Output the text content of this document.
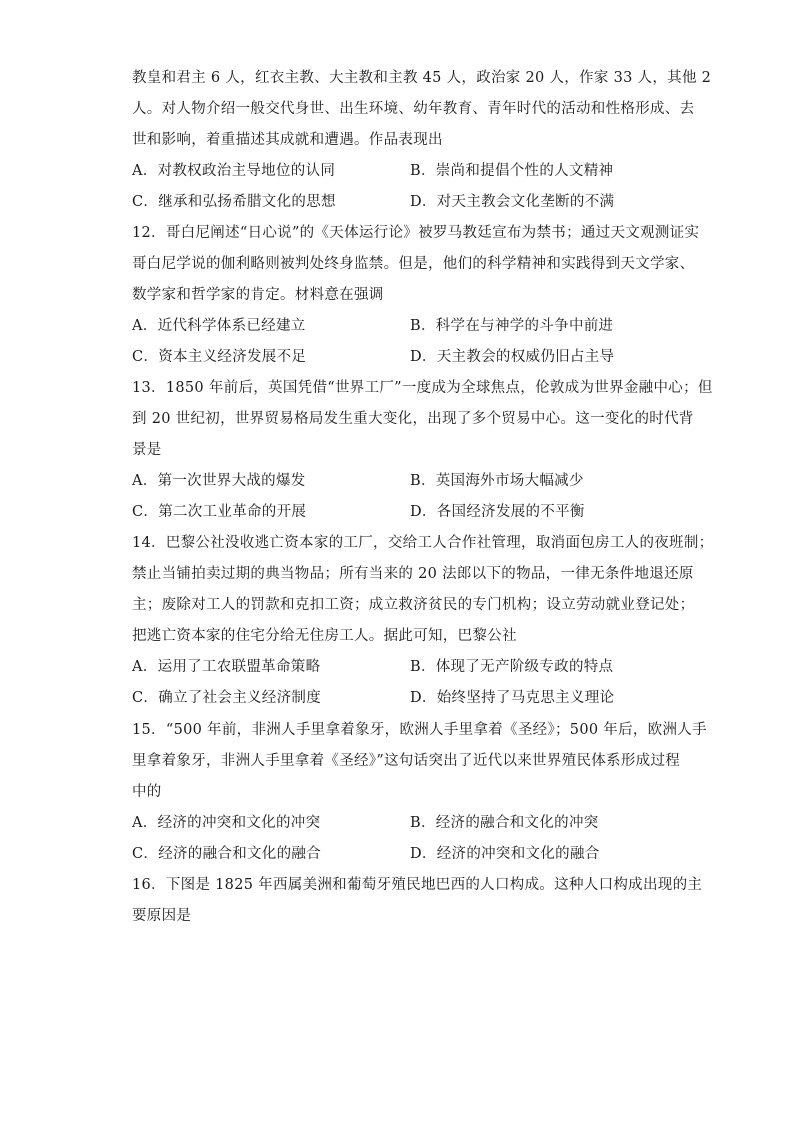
教皇和君主 6 人，红衣主教、大主教和主教 45 人，政治家 20 人，作家 33 人，其他 2
人。对人物介绍一般交代身世、出生环境、幼年教育、青年时代的活动和性格形成、去
世和影响，着重描述其成就和遭遇。作品表现出
A．对教权政治主导地位的认同	B．崇尚和提倡个性的人文精神
C．继承和弘扬希腊文化的思想	D．对天主教会文化垄断的不满
12．哥白尼阐述“日心说”的《天体运行论》被罗马教廷宣布为禁书；通过天文观测证实
哥白尼学说的伽利略则被判处终身监禁。但是，他们的科学精神和实践得到天文学家、
数学家和哲学家的肯定。材料意在强调
A．近代科学体系已经建立	B．科学在与神学的斗争中前进
C．资本主义经济发展不足	D．天主教会的权威仍旧占主导
13．1850 年前后，英国凭借“世界工厂”一度成为全球焦点，伦敦成为世界金融中心；但
到 20 世纪初，世界贸易格局发生重大变化，出现了多个贸易中心。这一变化的时代背
景是
A．第一次世界大战的爆发	B．英国海外市场大幅减少
C．第二次工业革命的开展	D．各国经济发展的不平衡
14．巴黎公社没收逃亡资本家的工厂，交给工人合作社管理，取消面包房工人的夜班制；
禁止当铺拍卖过期的典当物品；所有当来的 20 法郎以下的物品，一律无条件地退还原
主；废除对工人的罚款和克扣工资；成立救济贫民的专门机构；设立劳动就业登记处；
把逃亡资本家的住宅分给无住房工人。据此可知，巴黎公社
A．运用了工农联盟革命策略	B．体现了无产阶级专政的特点
C．确立了社会主义经济制度	D．始终坚持了马克思主义理论
15．“500 年前，非洲人手里拿着象牙，欧洲人手里拿着《圣经》；500 年后，欧洲人手
里拿着象牙，非洲人手里拿着《圣经》”这句话突出了近代以来世界殖民体系形成过程
中的
A．经济的冲突和文化的冲突	B．经济的融合和文化的冲突
C．经济的融合和文化的融合	D．经济的冲突和文化的融合
16．下图是 1825 年西属美洲和葡萄牙殖民地巴西的人口构成。这种人口构成出现的主
要原因是
